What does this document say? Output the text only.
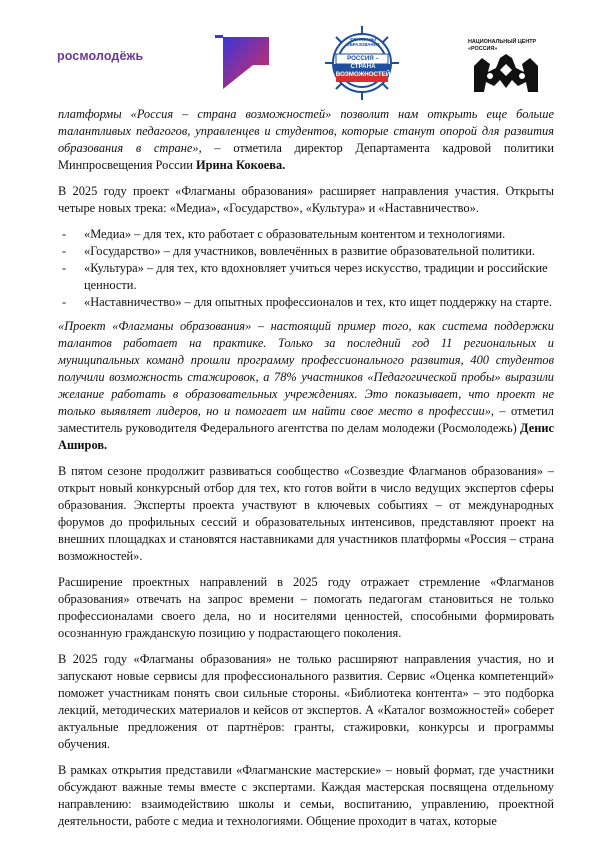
росмолодёжь
НАЦИОНАЛЬНЫЕ
ПРОЕКТЫ
РОССИИ
ФЛАГМАНЫ ОБРАЗОВАНИЯ
РОССИЯ –
СТРАНА
ВОЗМОЖНОСТЕЙ
НАЦИОНАЛЬНЫЙ ЦЕНТР
«РОССИЯ»

платформы «Россия – страна возможностей» позволит нам открыть еще больше талантливых педагогов, управленцев и студентов, которые станут опорой для развития образования в стране», – отметила директор Департамента кадровой политики Минпросвещения России Ирина Кокоева.

В 2025 году проект «Флагманы образования» расширяет направления участия. Открыты четыре новых трека: «Медиа», «Государство», «Культура» и «Наставничество».

- «Медиа» – для тех, кто работает с образовательным контентом и технологиями.
- «Государство» – для участников, вовлечённых в развитие образовательной политики.
- «Культура» – для тех, кто вдохновляет учиться через искусство, традиции и российские ценности.
- «Наставничество» – для опытных профессионалов и тех, кто ищет поддержку на старте.

«Проект «Флагманы образования» – настоящий пример того, как система поддержки талантов работает на практике. Только за последний год 11 региональных и муниципальных команд прошли программу профессионального развития, 400 студентов получили возможность стажировок, а 78% участников «Педагогической пробы» выразили желание работать в образовательных учреждениях. Это показывает, что проект не только выявляет лидеров, но и помогает им найти свое место в профессии», – отметил заместитель руководителя Федерального агентства по делам молодежи (Росмолодежь) Денис Аширов.

В пятом сезоне продолжит развиваться сообщество «Созвездие Флагманов образования» – открыт новый конкурсный отбор для тех, кто готов войти в число ведущих экспертов сферы образования. Эксперты проекта участвуют в ключевых событиях – от международных форумов до профильных сессий и образовательных интенсивов, представляют проект на внешних площадках и становятся наставниками для участников платформы «Россия – страна возможностей».

Расширение проектных направлений в 2025 году отражает стремление «Флагманов образования» отвечать на запрос времени – помогать педагогам становиться не только профессионалами своего дела, но и носителями ценностей, способными формировать осознанную гражданскую позицию у подрастающего поколения.

В 2025 году «Флагманы образования» не только расширяют направления участия, но и запускают новые сервисы для профессионального развития. Сервис «Оценка компетенций» поможет участникам понять свои сильные стороны. «Библиотека контента» – это подборка лекций, методических материалов и кейсов от экспертов. А «Каталог возможностей» соберет актуальные предложения от партнёров: гранты, стажировки, конкурсы и программы обучения.

В рамках открытия представили «Флагманские мастерские» – новый формат, где участники обсуждают важные темы вместе с экспертами. Каждая мастерская посвящена отдельному направлению: взаимодействию школы и семьи, воспитанию, управлению, проектной деятельности, работе с медиа и технологиями. Общение проходит в чатах, которые
